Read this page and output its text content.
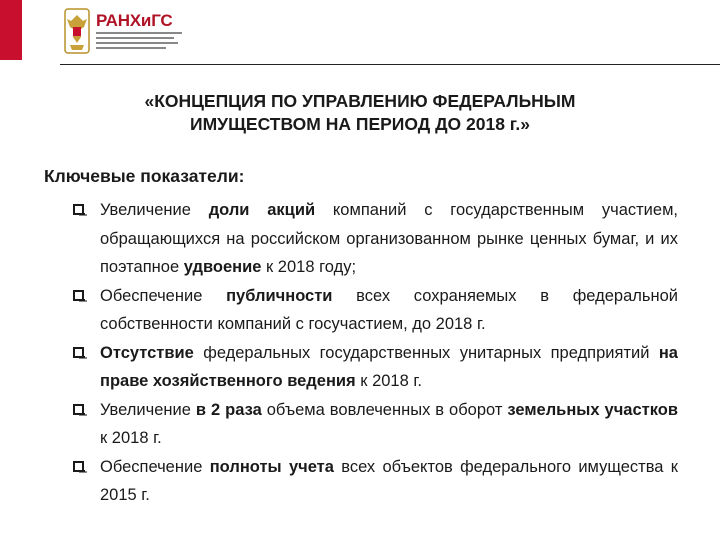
РАНХиГС
«КОНЦЕПЦИЯ ПО УПРАВЛЕНИЮ ФЕДЕРАЛЬНЫМ
ИМУЩЕСТВОМ НА ПЕРИОД ДО 2018 г.»
Ключевые показатели:
Увеличение доли акций компаний с государственным участием, обращающихся на российском организованном рынке ценных бумаг, и их поэтапное удвоение к 2018 году;
Обеспечение публичности всех сохраняемых в федеральной собственности компаний с госучастием, до 2018 г.
Отсутствие федеральных государственных унитарных предприятий на праве хозяйственного ведения к 2018 г.
Увеличение в 2 раза объема вовлеченных в оборот земельных участков к 2018 г.
Обеспечение полноты учета всех объектов федерального имущества к 2015 г.
